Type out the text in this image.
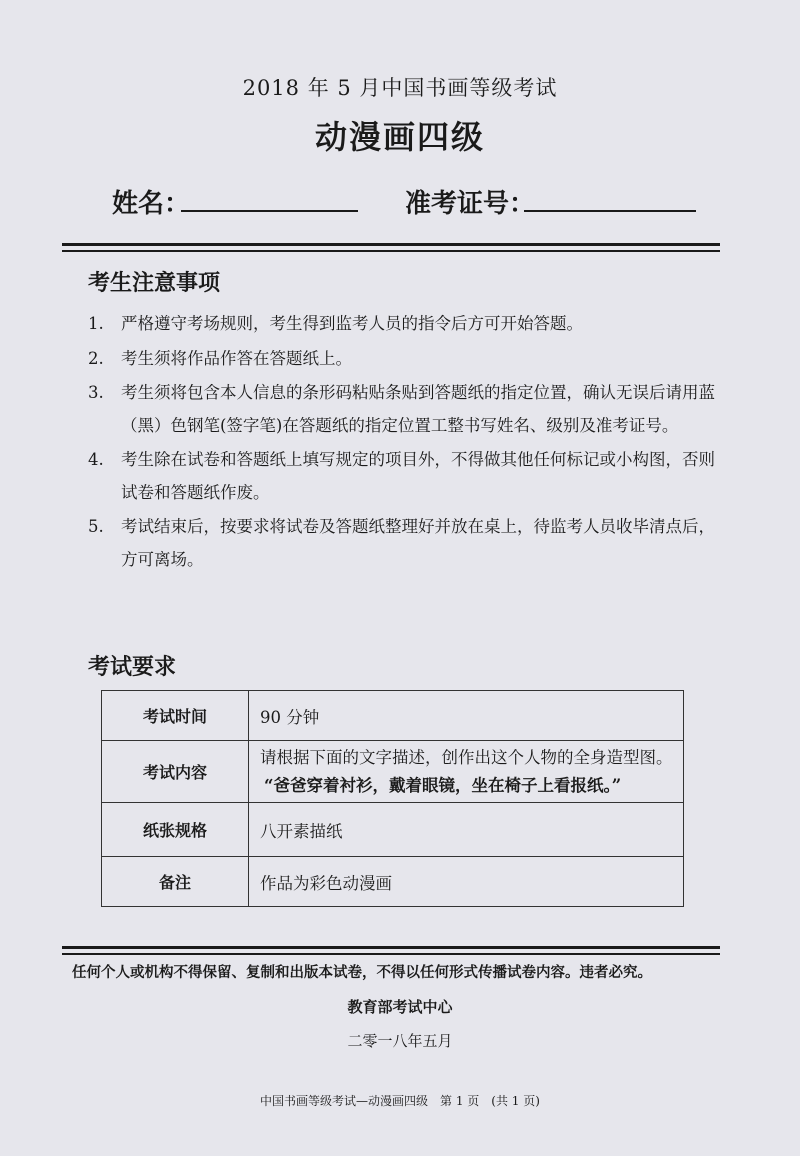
2018 年 5 月中国书画等级考试
动漫画四级
姓名：	准考证号：
考生注意事项
1. 严格遵守考场规则，考生得到监考人员的指令后方可开始答题。
2. 考生须将作品作答在答题纸上。
3. 考生须将包含本人信息的条形码粘贴条贴到答题纸的指定位置，确认无误后请用蓝（黑）色钢笔(签字笔)在答题纸的指定位置工整书写姓名、级别及准考证号。
4. 考生除在试卷和答题纸上填写规定的项目外，不得做其他任何标记或小构图，否则试卷和答题纸作废。
5. 考试结束后，按要求将试卷及答题纸整理好并放在桌上，待监考人员收毕清点后，方可离场。
考试要求
考试时间	90 分钟
考试内容	请根据下面的文字描述，创作出这个人物的全身造型图。
“爸爸穿着衬衫，戴着眼镜，坐在椅子上看报纸。”

纸张规格	八开素描纸
备注	作品为彩色动漫画
任何个人或机构不得保留、复制和出版本试卷，不得以任何形式传播试卷内容。违者必究。
教育部考试中心
二零一八年五月
中国书画等级考试—动漫画四级　第 1 页　(共 1 页)
